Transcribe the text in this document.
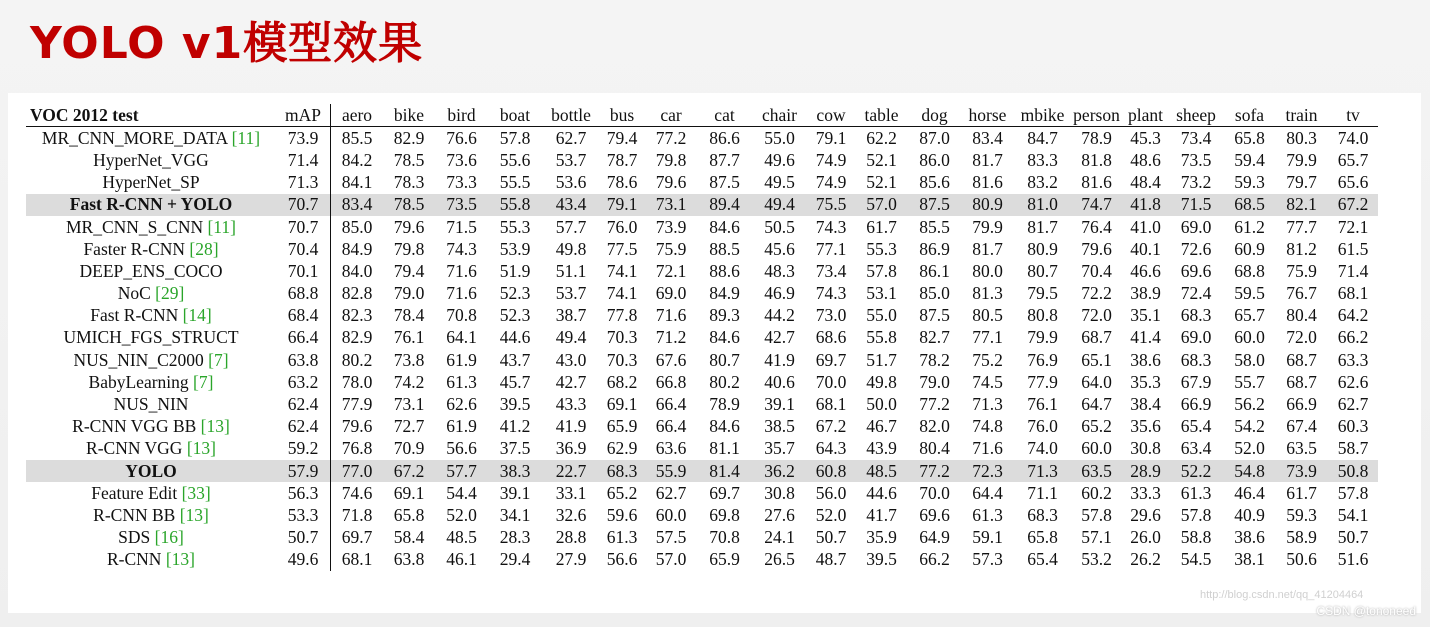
YOLO v1模型效果
VOC 2012 test	mAP	aero	bike	bird	boat	bottle	bus	car	cat	chair	cow	table	dog	horse	mbike	person	plant	sheep	sofa	train	tv
MR_CNN_MORE_DATA [11]	73.9	85.5	82.9	76.6	57.8	62.7	79.4	77.2	86.6	55.0	79.1	62.2	87.0	83.4	84.7	78.9	45.3	73.4	65.8	80.3	74.0
HyperNet_VGG	71.4	84.2	78.5	73.6	55.6	53.7	78.7	79.8	87.7	49.6	74.9	52.1	86.0	81.7	83.3	81.8	48.6	73.5	59.4	79.9	65.7
HyperNet_SP	71.3	84.1	78.3	73.3	55.5	53.6	78.6	79.6	87.5	49.5	74.9	52.1	85.6	81.6	83.2	81.6	48.4	73.2	59.3	79.7	65.6
Fast R-CNN + YOLO	70.7	83.4	78.5	73.5	55.8	43.4	79.1	73.1	89.4	49.4	75.5	57.0	87.5	80.9	81.0	74.7	41.8	71.5	68.5	82.1	67.2
MR_CNN_S_CNN [11]	70.7	85.0	79.6	71.5	55.3	57.7	76.0	73.9	84.6	50.5	74.3	61.7	85.5	79.9	81.7	76.4	41.0	69.0	61.2	77.7	72.1
Faster R-CNN [28]	70.4	84.9	79.8	74.3	53.9	49.8	77.5	75.9	88.5	45.6	77.1	55.3	86.9	81.7	80.9	79.6	40.1	72.6	60.9	81.2	61.5
DEEP_ENS_COCO	70.1	84.0	79.4	71.6	51.9	51.1	74.1	72.1	88.6	48.3	73.4	57.8	86.1	80.0	80.7	70.4	46.6	69.6	68.8	75.9	71.4
NoC [29]	68.8	82.8	79.0	71.6	52.3	53.7	74.1	69.0	84.9	46.9	74.3	53.1	85.0	81.3	79.5	72.2	38.9	72.4	59.5	76.7	68.1
Fast R-CNN [14]	68.4	82.3	78.4	70.8	52.3	38.7	77.8	71.6	89.3	44.2	73.0	55.0	87.5	80.5	80.8	72.0	35.1	68.3	65.7	80.4	64.2
UMICH_FGS_STRUCT	66.4	82.9	76.1	64.1	44.6	49.4	70.3	71.2	84.6	42.7	68.6	55.8	82.7	77.1	79.9	68.7	41.4	69.0	60.0	72.0	66.2
NUS_NIN_C2000 [7]	63.8	80.2	73.8	61.9	43.7	43.0	70.3	67.6	80.7	41.9	69.7	51.7	78.2	75.2	76.9	65.1	38.6	68.3	58.0	68.7	63.3
BabyLearning [7]	63.2	78.0	74.2	61.3	45.7	42.7	68.2	66.8	80.2	40.6	70.0	49.8	79.0	74.5	77.9	64.0	35.3	67.9	55.7	68.7	62.6
NUS_NIN	62.4	77.9	73.1	62.6	39.5	43.3	69.1	66.4	78.9	39.1	68.1	50.0	77.2	71.3	76.1	64.7	38.4	66.9	56.2	66.9	62.7
R-CNN VGG BB [13]	62.4	79.6	72.7	61.9	41.2	41.9	65.9	66.4	84.6	38.5	67.2	46.7	82.0	74.8	76.0	65.2	35.6	65.4	54.2	67.4	60.3
R-CNN VGG [13]	59.2	76.8	70.9	56.6	37.5	36.9	62.9	63.6	81.1	35.7	64.3	43.9	80.4	71.6	74.0	60.0	30.8	63.4	52.0	63.5	58.7
YOLO	57.9	77.0	67.2	57.7	38.3	22.7	68.3	55.9	81.4	36.2	60.8	48.5	77.2	72.3	71.3	63.5	28.9	52.2	54.8	73.9	50.8
Feature Edit [33]	56.3	74.6	69.1	54.4	39.1	33.1	65.2	62.7	69.7	30.8	56.0	44.6	70.0	64.4	71.1	60.2	33.3	61.3	46.4	61.7	57.8
R-CNN BB [13]	53.3	71.8	65.8	52.0	34.1	32.6	59.6	60.0	69.8	27.6	52.0	41.7	69.6	61.3	68.3	57.8	29.6	57.8	40.9	59.3	54.1
SDS [16]	50.7	69.7	58.4	48.5	28.3	28.8	61.3	57.5	70.8	24.1	50.7	35.9	64.9	59.1	65.8	57.1	26.0	58.8	38.6	58.9	50.7
R-CNN [13]	49.6	68.1	63.8	46.1	29.4	27.9	56.6	57.0	65.9	26.5	48.7	39.5	66.2	57.3	65.4	53.2	26.2	54.5	38.1	50.6	51.6
http://blog.csdn.net/qq_41204464
CSDN @tononeed
